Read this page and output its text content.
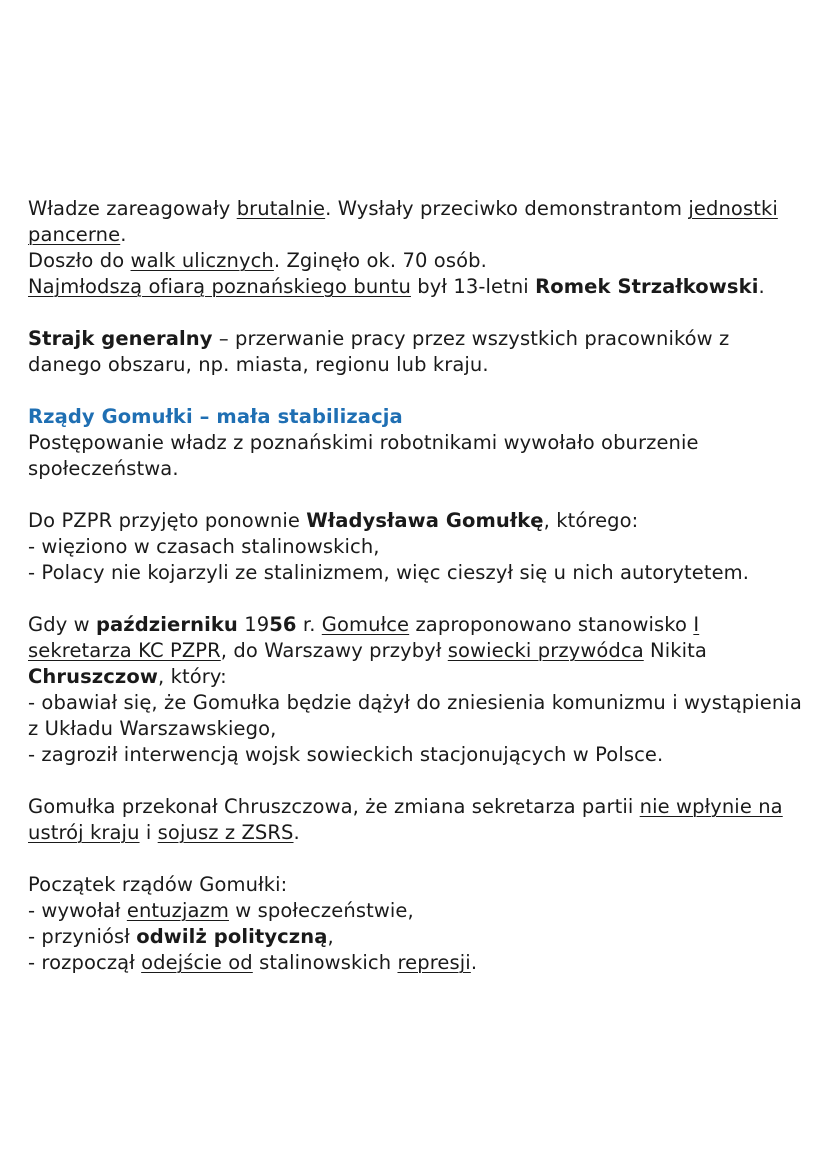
Władze zareagowały brutalnie. Wysłały przeciwko demonstrantom jednostki pancerne.

Doszło do walk ulicznych. Zginęło ok. 70 osób.

Najmłodszą ofiarą poznańskiego buntu był 13-letni Romek Strzałkowski.

Strajk generalny – przerwanie pracy przez wszystkich pracowników z danego obszaru, np. miasta, regionu lub kraju.

Rządy Gomułki – mała stabilizacja

Postępowanie władz z poznańskimi robotnikami wywołało oburzenie społeczeństwa.

Do PZPR przyjęto ponownie Władysława Gomułkę, którego:

- więziono w czasach stalinowskich,

- Polacy nie kojarzyli ze stalinizmem, więc cieszył się u nich autorytetem.

Gdy w październiku 1956 r. Gomułce zaproponowano stanowisko I sekretarza KC PZPR, do Warszawy przybył sowiecki przywódca Nikita Chruszczow, który:

- obawiał się, że Gomułka będzie dążył do zniesienia komunizmu i wystąpienia z Układu Warszawskiego,

- zagroził interwencją wojsk sowieckich stacjonujących w Polsce.

Gomułka przekonał Chruszczowa, że zmiana sekretarza partii nie wpłynie na ustrój kraju i sojusz z ZSRS.

Początek rządów Gomułki:

- wywołał entuzjazm w społeczeństwie,

- przyniósł odwilż polityczną,

- rozpoczął odejście od stalinowskich represji.
